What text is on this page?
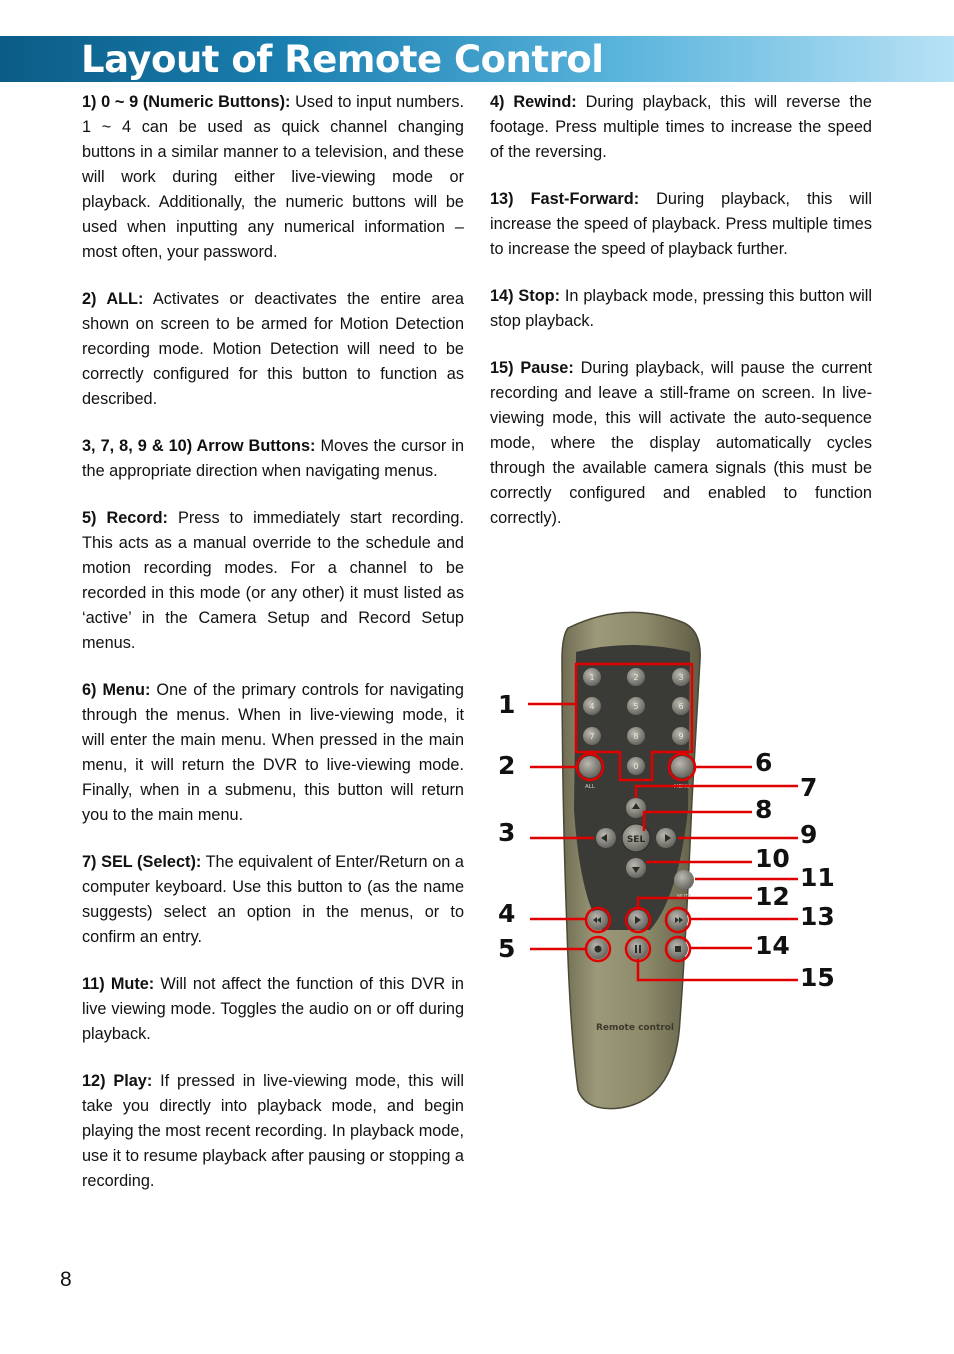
Layout of Remote Control

1) 0 ~ 9 (Numeric Buttons): Used to input numbers. 1 ~ 4 can be used as quick channel changing buttons in a similar manner to a television, and these will work during either live-viewing mode or playback. Additionally, the numeric buttons will be used when inputting any numerical information – most often, your password.

2) ALL: Activates or deactivates the entire area shown on screen to be armed for Motion Detection recording mode. Motion Detection will need to be correctly configured for this button to function as described.

3, 7, 8, 9 & 10) Arrow Buttons: Moves the cursor in the appropriate direction when navigating menus.

5) Record: Press to immediately start recording. This acts as a manual override to the schedule and motion recording modes. For a channel to be recorded in this mode (or any other) it must listed as ‘active’ in the Camera Setup and Record Setup menus.

6) Menu: One of the primary controls for navigating through the menus. When in live-viewing mode, it will enter the main menu. When pressed in the main menu, it will return the DVR to live-viewing mode. Finally, when in a submenu, this button will return you to the main menu.

7) SEL (Select): The equivalent of Enter/Return on a computer keyboard. Use this button to (as the name suggests) select an option in the menus, or to confirm an entry.

11) Mute: Will not affect the function of this DVR in live viewing mode. Toggles the audio on or off during playback.

12) Play: If pressed in live-viewing mode, this will take you directly into playback mode, and begin playing the most recent recording. In playback mode, use it to resume playback after pausing or stopping a recording.

4) Rewind: During playback, this will reverse the footage. Press multiple times to increase the speed of the reversing.

13) Fast-Forward: During playback, this will increase the speed of playback. Press multiple times to increase the speed of playback further.

14) Stop: In playback mode, pressing this button will stop playback.

15) Pause: During playback, will pause the current recording and leave a still-frame on screen. In live-viewing mode, this will activate the auto-sequence mode, where the display automatically cycles through the available camera signals (this must be correctly configured and enabled to function correctly).

1	2	3
4	5	6
7	8	9
0
ALL	MENU
SEL
MUTE
Remote control
1
2
3
4
5
6
7
8
9
10
11
12
13
14
15
8
